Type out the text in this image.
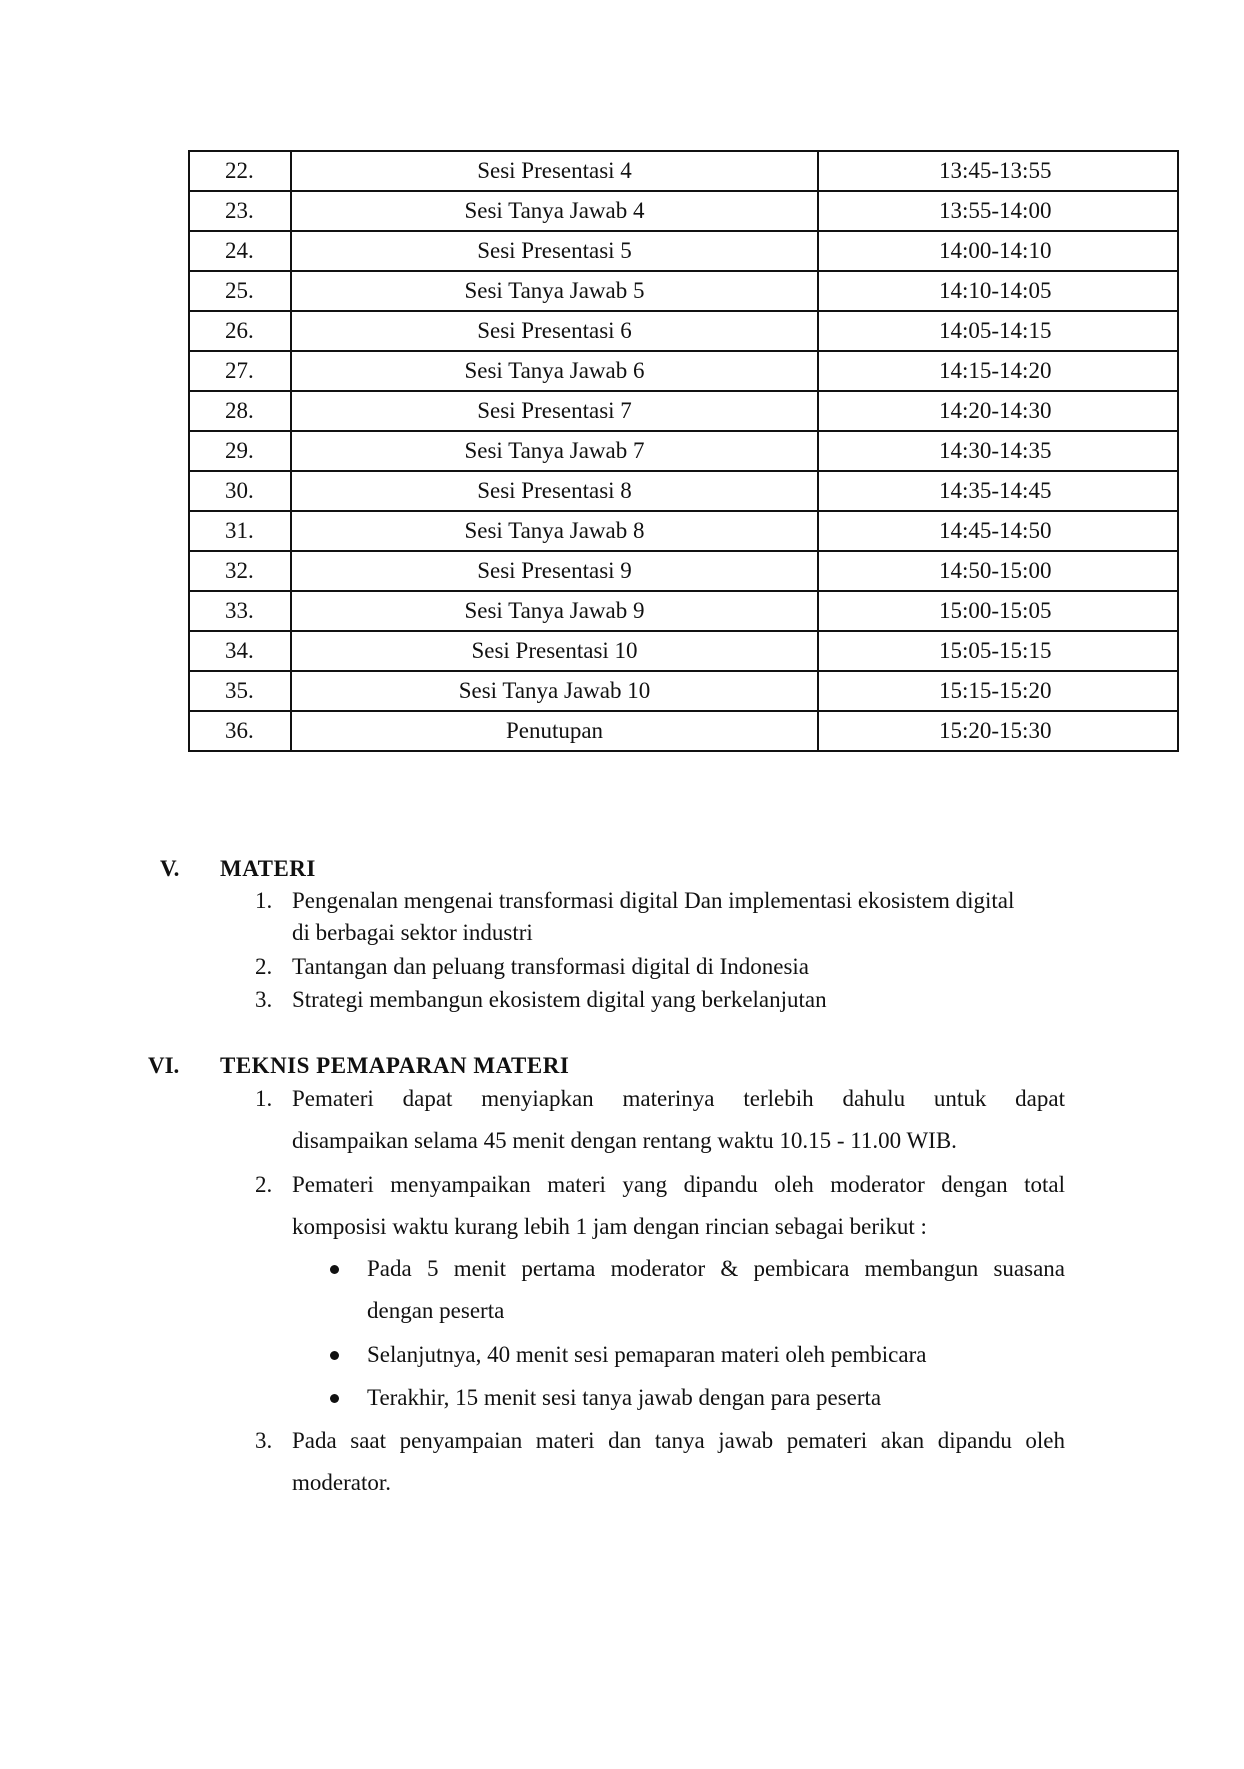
22.	Sesi Presentasi 4	13:45-13:55
23.	Sesi Tanya Jawab 4	13:55-14:00
24.	Sesi Presentasi 5	14:00-14:10
25.	Sesi Tanya Jawab 5	14:10-14:05
26.	Sesi Presentasi 6	14:05-14:15
27.	Sesi Tanya Jawab 6	14:15-14:20
28.	Sesi Presentasi 7	14:20-14:30
29.	Sesi Tanya Jawab 7	14:30-14:35
30.	Sesi Presentasi 8	14:35-14:45
31.	Sesi Tanya Jawab 8	14:45-14:50
32.	Sesi Presentasi 9	14:50-15:00
33.	Sesi Tanya Jawab 9	15:00-15:05
34.	Sesi Presentasi 10	15:05-15:15
35.	Sesi Tanya Jawab 10	15:15-15:20
36.	Penutupan	15:20-15:30
V. MATERI
1. Pengenalan mengenai transformasi digital Dan implementasi ekosistem digital
di berbagai sektor industri
2. Tantangan dan peluang transformasi digital di Indonesia
3. Strategi membangun ekosistem digital yang berkelanjutan
VI. TEKNIS PEMAPARAN MATERI
1. Pemateri dapat menyiapkan materinya terlebih dahulu untuk dapat
disampaikan selama 45 menit dengan rentang waktu 10.15 - 11.00 WIB.
2. Pemateri menyampaikan materi yang dipandu oleh moderator dengan total
komposisi waktu kurang lebih 1 jam dengan rincian sebagai berikut :
Pada 5 menit pertama moderator & pembicara membangun suasana
dengan peserta
Selanjutnya, 40 menit sesi pemaparan materi oleh pembicara
Terakhir, 15 menit sesi tanya jawab dengan para peserta
3. Pada saat penyampaian materi dan tanya jawab pemateri akan dipandu oleh
moderator.
